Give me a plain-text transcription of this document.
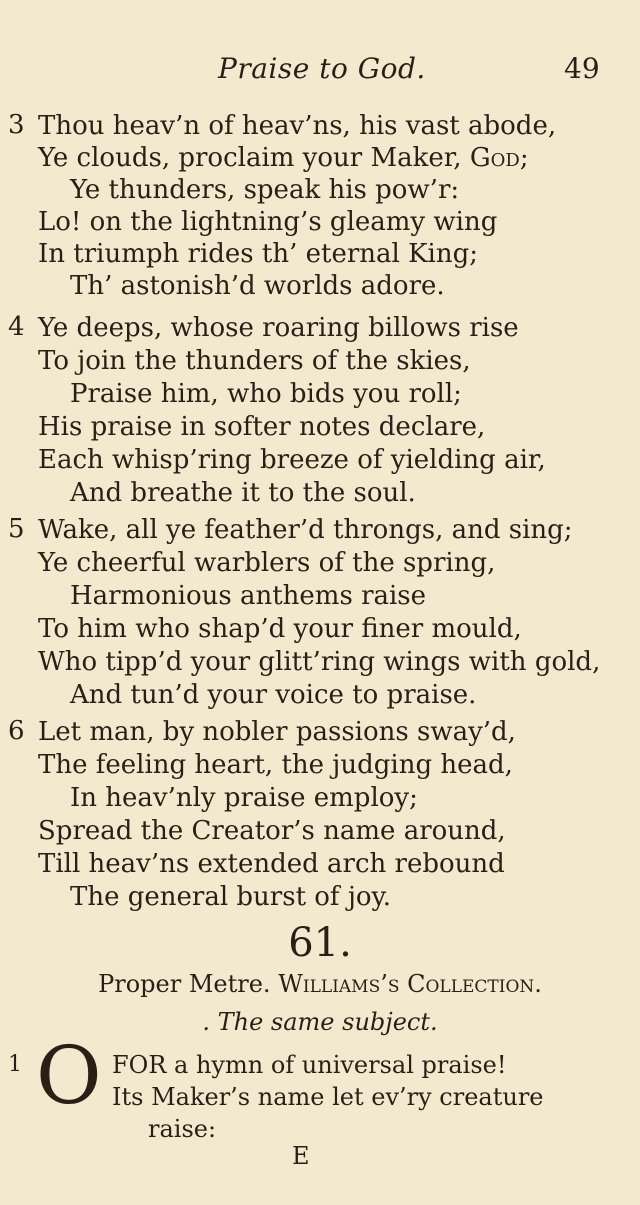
Praise to God.	49
3 Thou heav’n of heav’ns, his vast abode,
Ye clouds, proclaim your Maker, God;
Ye thunders, speak his pow’r:
Lo! on the lightning’s gleamy wing
In triumph rides th’ eternal King;
Th’ astonish’d worlds adore.
4 Ye deeps, whose roaring billows rise
To join the thunders of the skies,
Praise him, who bids you roll;
His praise in softer notes declare,
Each whisp’ring breeze of yielding air,
And breathe it to the soul.
5 Wake, all ye feather’d throngs, and sing;
Ye cheerful warblers of the spring,
Harmonious anthems raise
To him who shap’d your finer mould,
Who tipp’d your glitt’ring wings with gold,
And tun’d your voice to praise.
6 Let man, by nobler passions sway’d,
The feeling heart, the judging head,
In heav’nly praise employ;
Spread the Creator’s name around,
Till heav’ns extended arch rebound
The general burst of joy.
61.
Proper Metre. Williams’s Collection.
. The same subject.
1 O FOR a hymn of universal praise!
Its Maker’s name let ev’ry creature
raise:
E
